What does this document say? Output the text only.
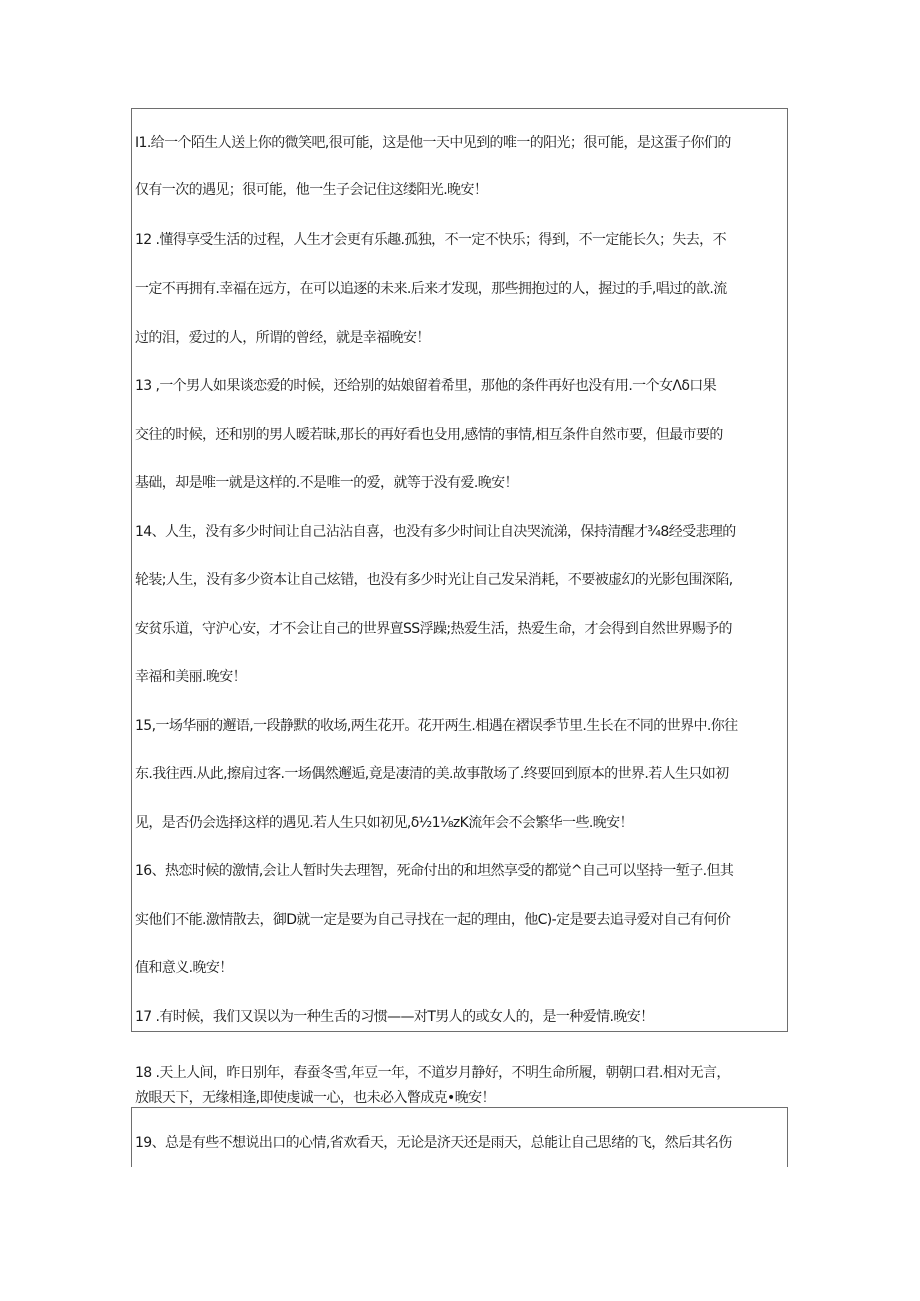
I1.给一个陌生人送上你的微笑吧,很可能，这是他一天中见到的唯一的阳光；很可能，是这蛋子你们的
仅有一次的遇见；很可能，他一生子会记住这缕阳光.晚安！
12 .懂得享受生活的过程，人生才会更有乐趣.孤独，不一定不快乐；得到，不一定能长久；失去，不
一定不再拥有.幸福在远方，在可以追逐的未来.后来才发现，那些拥抱过的人，握过的手,唱过的歆.流
过的泪，爱过的人，所谓的曾经，就是幸福晚安！
13 ,一个男人如果谈恋爱的时候，还给别的姑娘留着希里，那他的条件再好也没有用.一个女Λδ口果
交往的时候，还和别的男人暧若昧,那长的再好看也殳用,感情的事情,相互条件自然市要，但最市要的
基础，却是唯一就是这样的.不是唯一的爱，就等于没有爱.晚安！
14、人生，没有多少时间让自己沾沾自喜，也没有多少时间让自决哭流涕，保持清醒才¾8经受悲理的
轮装;人生，没有多少资本让自己炫错，也没有多少时光让自己发呆消耗，不要被虚幻的光影包围深陷,
安贫乐道，守沪心安，才不会让自己的世界亶SS浮躁;热爱生活，热爱生命，才会得到自然世界赐予的
幸福和美丽.晚安！
15,一场华丽的邂语,一段静默的收场,两生花开。花开两生.相遇在褶误季节里.生长在不同的世界中.你往
东.我往西.从此,擦肩过客.一场偶然邂逅,竟是凄清的美.故事散场了.终要回到原本的世界.若人生只如初
见，是否仍会选择这样的遇见.若人生只如初见,δ½1⅛zK流年会不会繁华一些.晚安！
16、热恋时候的激情,会让人暂时失去理智，死命付出的和坦然享受的都觉^自己可以坚持一堑子.但其
实他们不能.激情散去，御D就一定是要为自己寻找在一起的理由，他C)-定是要去追寻爱对自己有何价
值和意义.晚安！
17 .有时候，我们又误以为一种生舌的习惯——对T男人的或女人的，是一种爱情.晚安！
18 .天上人间，昨日别年，春蚕冬雪,年豆一年，不道岁月静好，不明生命所履，朝朝口君.相对无言，
放眼天下，无缘相逢,即使虔诚一心，也未必入瞥成克•晚安！
19、总是有些不想说出口的心情,省欢看天，无论是济天还是雨天，总能让自己思绪的飞，然后其名伤
